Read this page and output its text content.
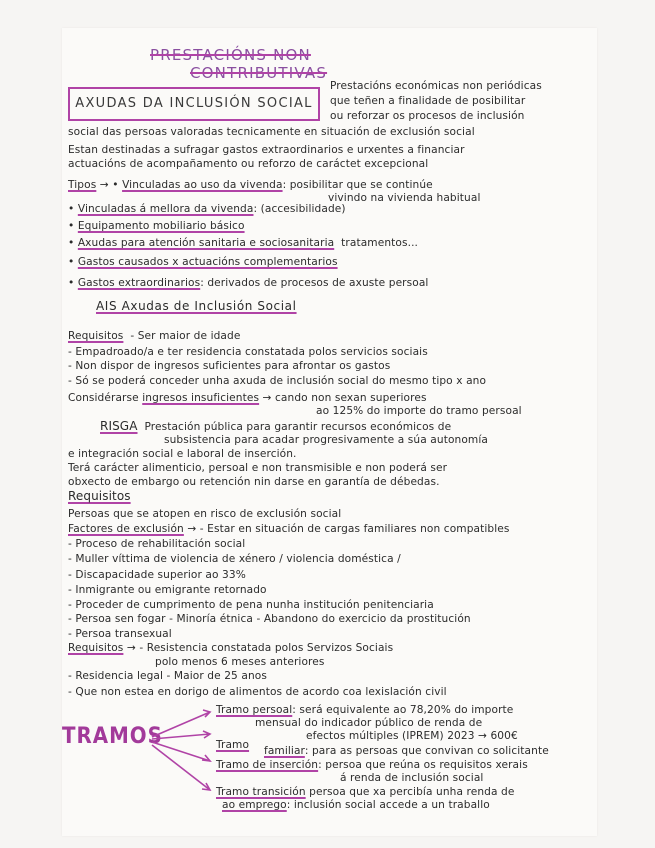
PRESTACIÓNS NON
CONTRIBUTIVAS
AXUDAS DA INCLUSIÓN SOCIAL
Prestacións económicas non periódicas
que teñen a finalidade de posibilitar
ou reforzar os procesos de inclusión
social das persoas valoradas tecnicamente en situación de exclusión social
Estan destinadas a sufragar gastos extraordinarios e urxentes a financiar
actuacións de acompañamento ou reforzo de caráctet excepcional
Tipos → • Vinculadas ao uso da vivenda: posibilitar que se continúe
vivindo na vivienda habitual
• Vinculadas á mellora da vivenda: (accesibilidade)
• Equipamento mobiliario básico
• Axudas para atención sanitaria e sociosanitaria tratamentos...
• Gastos causados x actuacións complementarios
• Gastos extraordinarios: derivados de procesos de axuste persoal
AIS Axudas de Inclusión Social
Requisitos - Ser maior de idade
- Empadroado/a e ter residencia constatada polos servicios sociais
- Non dispor de ingresos suficientes para afrontar os gastos
- Só se poderá conceder unha axuda de inclusión social do mesmo tipo x ano
Considérarse ingresos insuficientes → cando non sexan superiores
ao 125% do importe do tramo persoal
RISGA Prestación pública para garantir recursos económicos de
subsistencia para acadar progresivamente a súa autonomía
e integración social e laboral de inserción.
Terá carácter alimenticio, persoal e non transmisible e non poderá ser
obxecto de embargo ou retención nin darse en garantía de débedas.
Requisitos
Persoas que se atopen en risco de exclusión social
Factores de exclusión → - Estar en situación de cargas familiares non compatibles
- Proceso de rehabilitación social
- Muller víttima de violencia de xénero / violencia doméstica /
- Discapacidade superior ao 33%
- Inmigrante ou emigrante retornado
- Proceder de cumprimento de pena nunha institución penitenciaria
- Persoa sen fogar - Minoría étnica - Abandono do exercicio da prostitución
- Persoa transexual
Requisitos → - Resistencia constatada polos Servizos Sociais
polo menos 6 meses anteriores
- Residencia legal - Maior de 25 anos
- Que non estea en dorigo de alimentos de acordo coa lexislación civil
TRAMOS
Tramo persoal: será equivalente ao 78,20% do importe
mensual do indicador público de renda de
efectos múltiples (IPREM) 2023 → 600€
Tramo familiar: para as persoas que convivan co solicitante
Tramo de inserción: persoa que reúna os requisitos xerais
á renda de inclusión social
Tramo transición persoa que xa percibía unha renda de
ao emprego: inclusión social accede a un traballo
